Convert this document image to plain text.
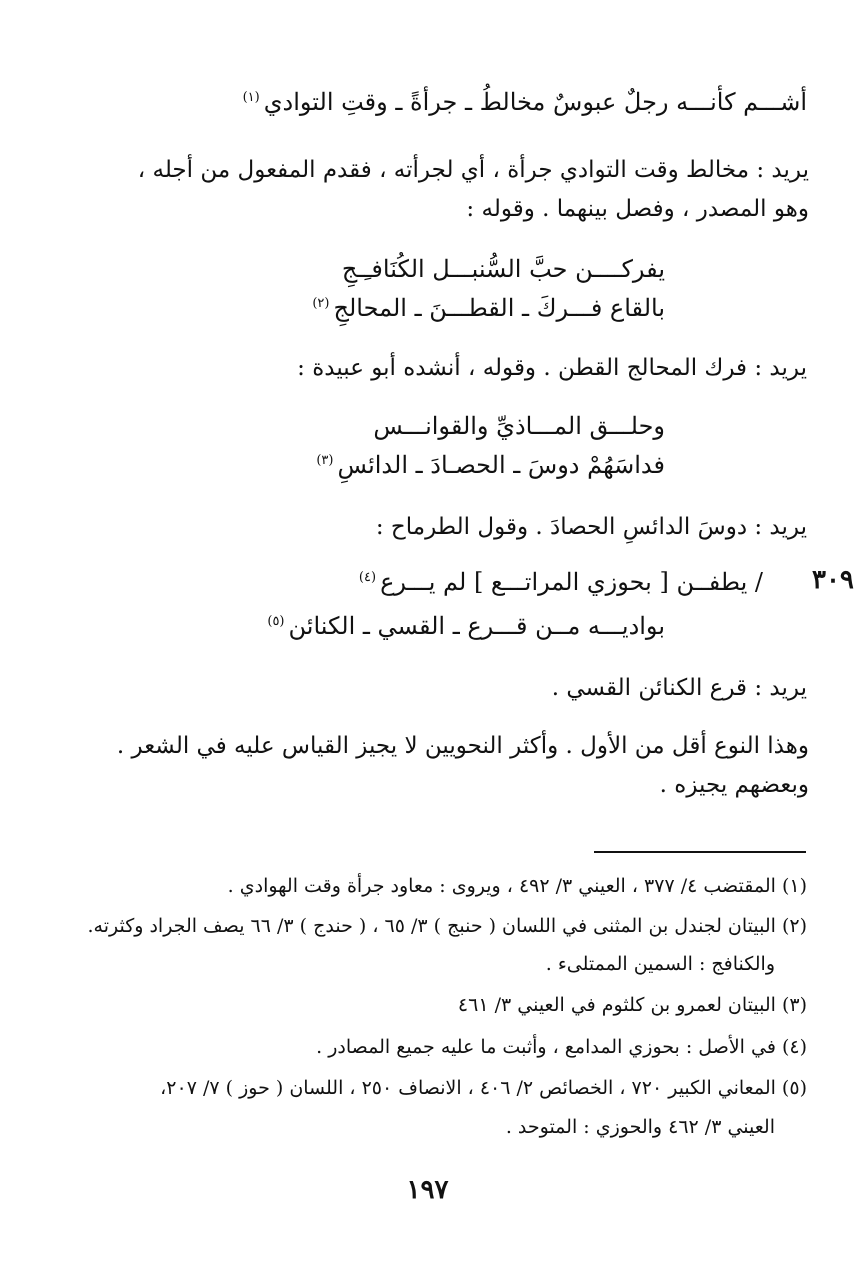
أشـــم كأنـــه رجلٌ عبوسٌ مخالطُ ـ جرأةً ـ وقتِ التوادي$^{(١)}$
يريد : مخالط وقت التوادي جرأة ، أي لجرأته ، فقدم المفعول من أجله ،
وهو المصدر ، وفصل بينهما . وقوله :
يفركــــن حبَّ السُّنبـــل الكُنَافـِـجِ
بالقاع فـــركَ ـ القطـــنَ ـ المحالجِ$^{(٢)}$
يريد : فرك المحالج القطن . وقوله ، أنشده أبو عبيدة :
وحلـــق المـــاذيِّ والقوانـــس
فداسَهُمْ دوسَ ـ الحصـادَ ـ الدائسِ$^{(٣)}$
يريد : دوسَ الدائسِ الحصادَ . وقول الطرماح :
٣٠٩
/ يطفــن [ بحوزي المراتـــع ] لم يـــرع$^{(٤)}$
بواديـــه مــن قـــرع ـ القسي ـ الكنائن$^{(٥)}$
يريد : قرع الكنائن القسي .
وهذا النوع أقل من الأول . وأكثر النحويين لا يجيز القياس عليه في الشعر .
وبعضهم يجيزه .
(١) المقتضب ٤/ ٣٧٧ ، العيني ٣/ ٤٩٢ ، ويروى : معاود جرأة وقت الهوادي .
(٢) البيتان لجندل بن المثنى في اللسان ( حنبج ) ٣/ ٦٥ ، ( حندج ) ٣/ ٦٦ يصف الجراد وكثرته.
والكنافج : السمين الممتلىء .
(٣) البيتان لعمرو بن كلثوم في العيني ٣/ ٤٦١
(٤) في الأصل : بحوزي المدامع ، وأثبت ما عليه جميع المصادر .
(٥) المعاني الكبير ٧٢٠ ، الخصائص ٢/ ٤٠٦ ، الانصاف ٢٥٠ ، اللسان ( حوز ) ٧/ ٢٠٧،
العيني ٣/ ٤٦٢ والحوزي : المتوحد .
١٩٧
